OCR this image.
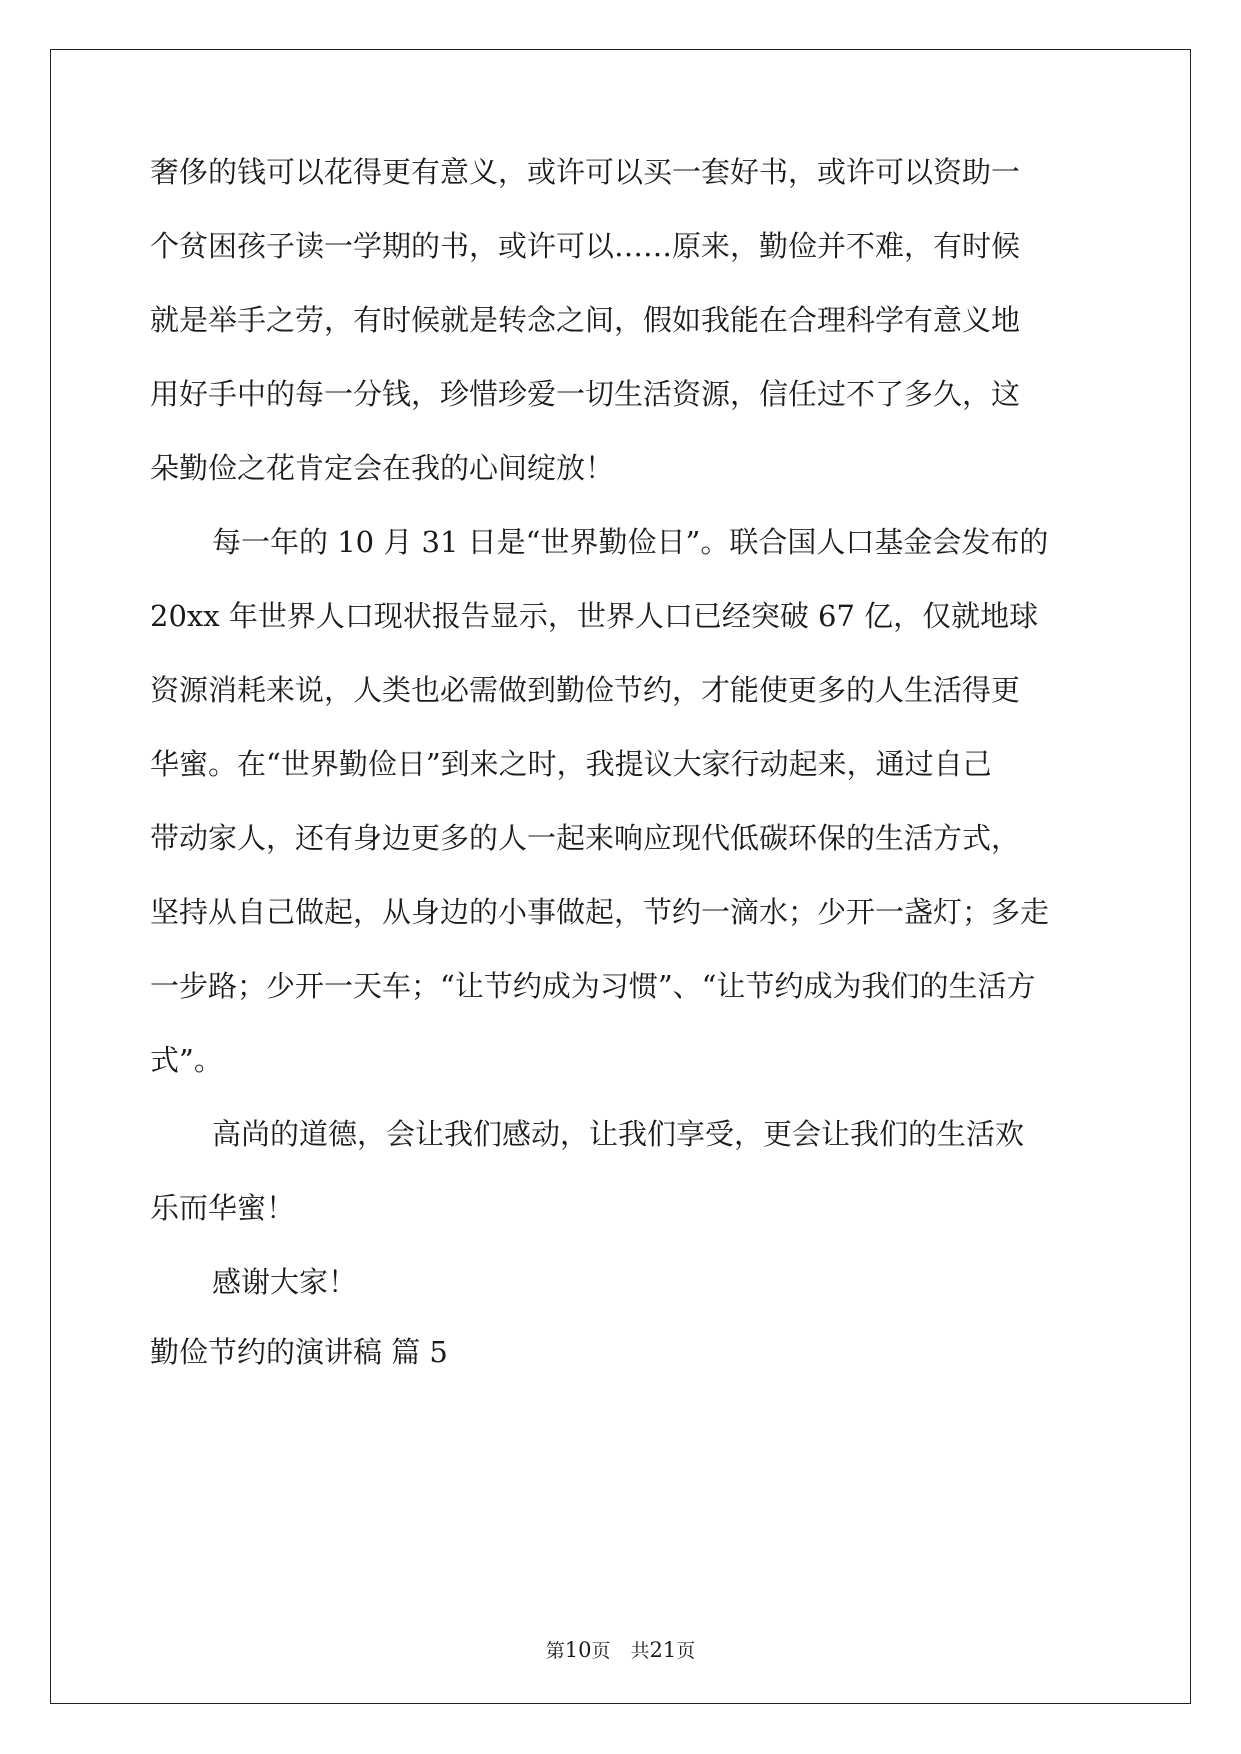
奢侈的钱可以花得更有意义，或许可以买一套好书，或许可以资助一
个贫困孩子读一学期的书，或许可以……原来，勤俭并不难，有时候
就是举手之劳，有时候就是转念之间，假如我能在合理科学有意义地
用好手中的每一分钱，珍惜珍爱一切生活资源，信任过不了多久，这
朵勤俭之花肯定会在我的心间绽放！
每一年的 10 月 31 日是“世界勤俭日”。联合国人口基金会发布的
20xx 年世界人口现状报告显示，世界人口已经突破 67 亿，仅就地球
资源消耗来说，人类也必需做到勤俭节约，才能使更多的人生活得更
华蜜。在“世界勤俭日”到来之时，我提议大家行动起来，通过自己
带动家人，还有身边更多的人一起来响应现代低碳环保的生活方式，
坚持从自己做起，从身边的小事做起，节约一滴水；少开一盏灯；多走
一步路；少开一天车；“让节约成为习惯”、“让节约成为我们的生活方
式”。
高尚的道德，会让我们感动，让我们享受，更会让我们的生活欢
乐而华蜜！
感谢大家！
勤俭节约的演讲稿 篇 5
第10页 共21页
